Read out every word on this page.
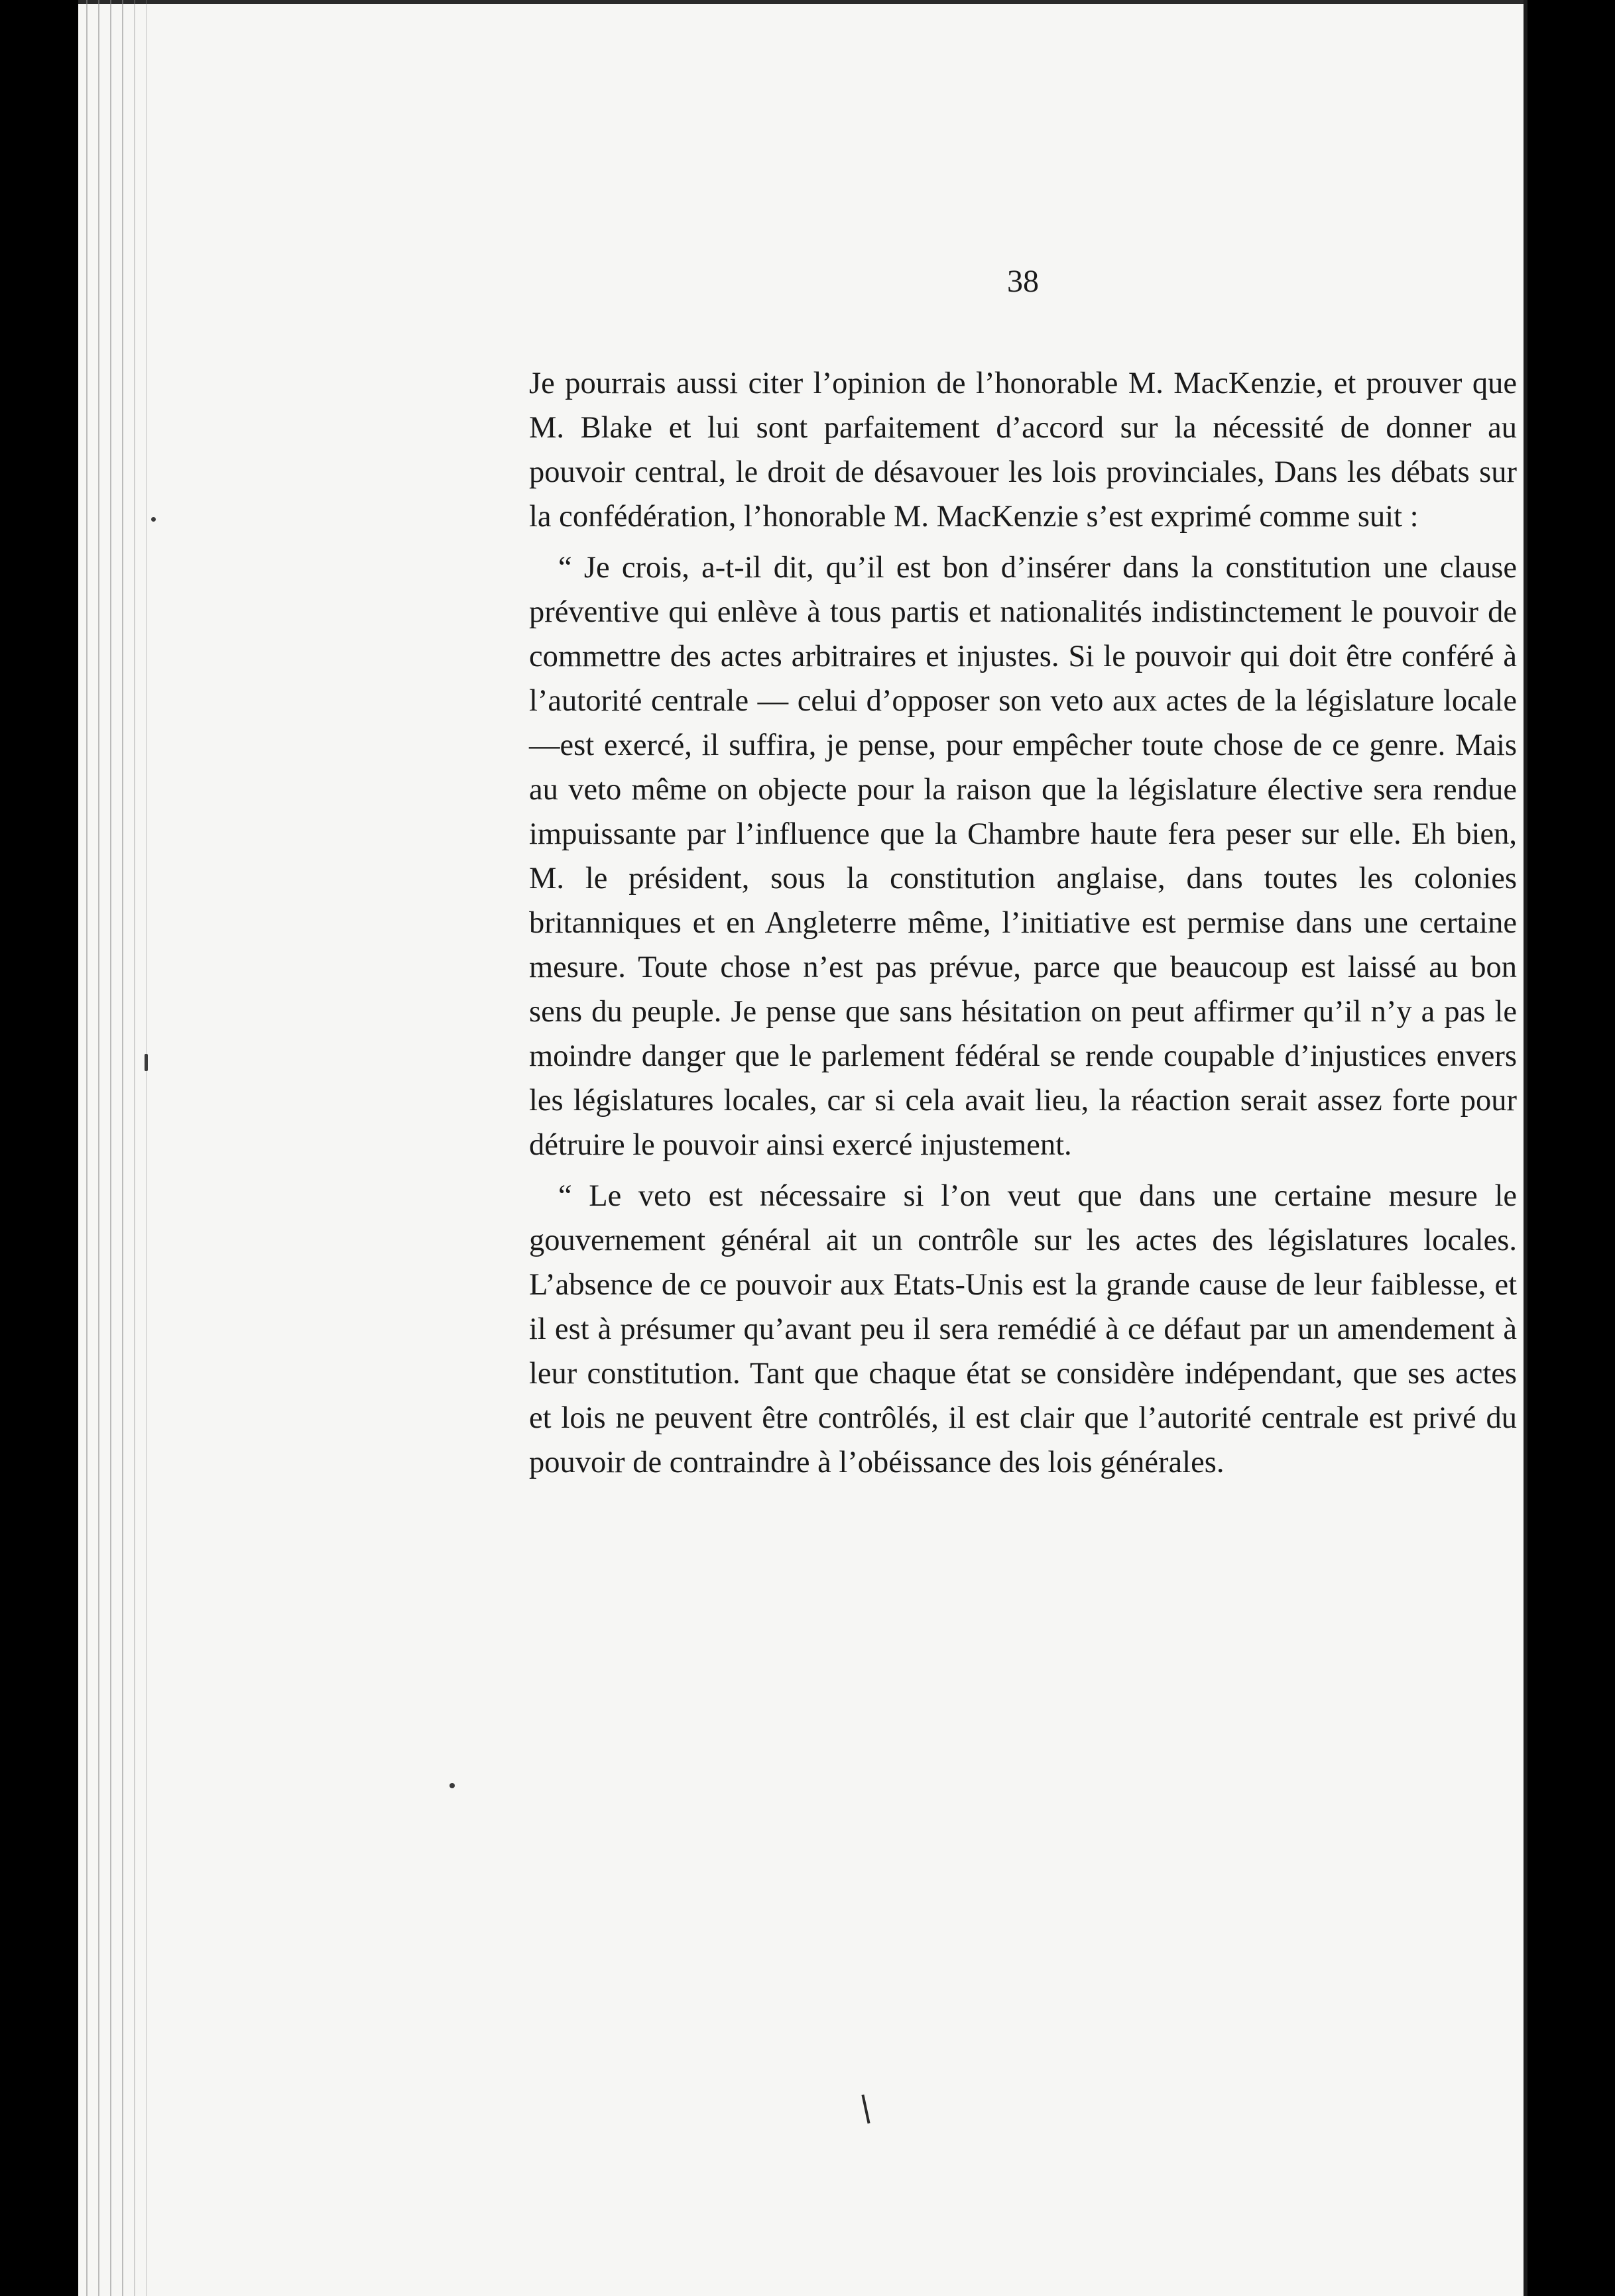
38

Je pourrais aussi citer l’opinion de l’honorable M. MacKenzie, et prouver que M. Blake et lui sont parfaitement d’accord sur la nécessité de donner au pouvoir central, le droit de désavouer les lois provinciales, Dans les débats sur la confédération, l’honorable M. MacKenzie s’est exprimé comme suit :

“ Je crois, a-t-il dit, qu’il est bon d’insérer dans la constitution une clause préventive qui enlève à tous partis et nationalités indistinctement le pouvoir de commettre des actes arbitraires et injustes. Si le pouvoir qui doit être conféré à l’autorité centrale — celui d’opposer son veto aux actes de la législature locale—est exercé, il suffira, je pense, pour empêcher toute chose de ce genre. Mais au veto même on objecte pour la raison que la législature élective sera rendue impuissante par l’influence que la Chambre haute fera peser sur elle. Eh bien, M. le président, sous la constitution anglaise, dans toutes les colonies britanniques et en Angleterre même, l’initiative est permise dans une certaine mesure. Toute chose n’est pas prévue, parce que beaucoup est laissé au bon sens du peuple. Je pense que sans hésitation on peut affirmer qu’il n’y a pas le moindre danger que le parlement fédéral se rende coupable d’injustices envers les législatures locales, car si cela avait lieu, la réaction serait assez forte pour détruire le pouvoir ainsi exercé injustement.

“ Le veto est nécessaire si l’on veut que dans une certaine mesure le gouvernement général ait un contrôle sur les actes des législatures locales. L’absence de ce pouvoir aux Etats-Unis est la grande cause de leur faiblesse, et il est à présumer qu’avant peu il sera remédié à ce défaut par un amendement à leur constitution. Tant que chaque état se considère indépendant, que ses actes et lois ne peuvent être contrôlés, il est clair que l’autorité centrale est privé du pouvoir de contraindre à l’obéissance des lois générales.
